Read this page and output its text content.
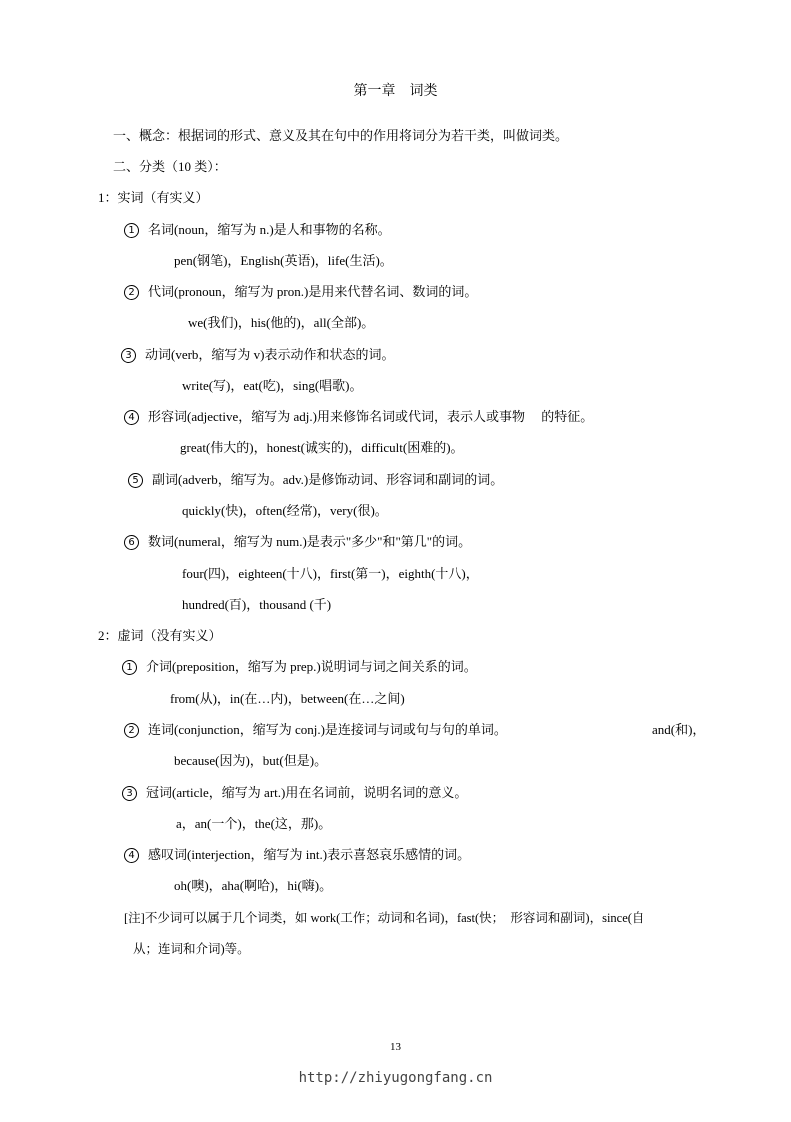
第一章　词类
一、概念：根据词的形式、意义及其在句中的作用将词分为若干类，叫做词类。
二、分类（10 类）：
1：实词（有实义）
1 名词(noun，缩写为 n.)是人和事物的名称。
pen(钢笔)，English(英语)，life(生活)。
2 代词(pronoun，缩写为 pron.)是用来代替名词、数词的词。
we(我们)，his(他的)，all(全部)。
3 动词(verb，缩写为 v)表示动作和状态的词。
write(写)，eat(吃)，sing(唱歌)。
4 形容词(adjective，缩写为 adj.)用来修饰名词或代词，表示人或事物　 的特征。
great(伟大的)，honest(诚实的)，difficult(困难的)。
5 副词(adverb，缩写为。adv.)是修饰动词、形容词和副词的词。
quickly(快)，often(经常)，very(很)。
6 数词(numeral，缩写为 num.)是表示"多少"和"第几"的词。
four(四)，eighteen(十八)，first(第一)，eighth(十八)，
hundred(百)，thousand (千)
2：虚词（没有实义）
1 介词(preposition，缩写为 prep.)说明词与词之间关系的词。
from(从)，in(在…内)，between(在…之间)
2 连词(conjunction，缩写为 conj.)是连接词与词或句与句的单词。	and(和)，
because(因为)，but(但是)。
3 冠词(article，缩写为 art.)用在名词前，说明名词的意义。
a，an(一个)，the(这，那)。
4 感叹词(interjection，缩写为 int.)表示喜怒哀乐感情的词。
oh(噢)，aha(啊哈)，hi(嗨)。
[注]不少词可以属于几个词类，如 work(工作；动词和名词)，fast(快；　形容词和副词)，since(自
从；连词和介词)等。
13
http://zhiyugongfang.cn
